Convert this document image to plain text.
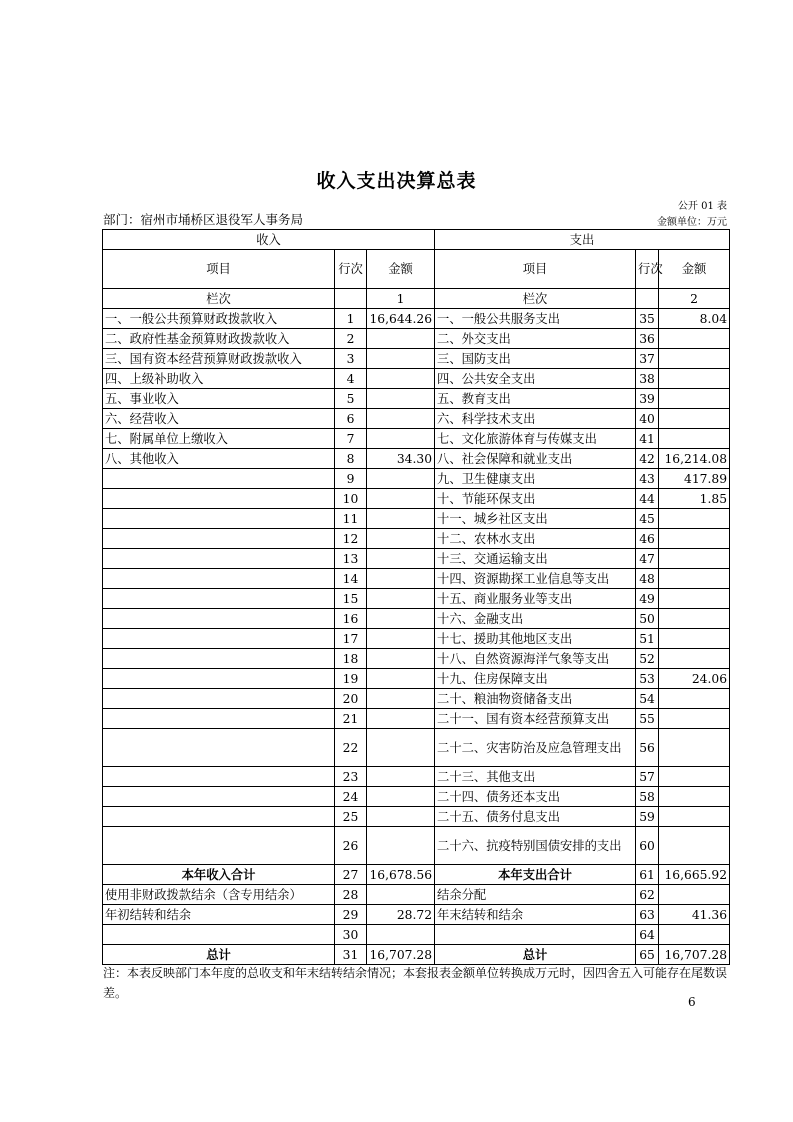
收入支出决算总表
公开 01 表
部门：宿州市埇桥区退役军人事务局	金额单位：万元
收入			支出		
项目	行次	金额	项目	行次	金额
栏次		1	栏次		2
一、一般公共预算财政拨款收入	1	16,644.26	一、一般公共服务支出	35	8.04
二、政府性基金预算财政拨款收入	2		二、外交支出	36	
三、国有资本经营预算财政拨款收入	3		三、国防支出	37	
四、上级补助收入	4		四、公共安全支出	38	
五、事业收入	5		五、教育支出	39	
六、经营收入	6		六、科学技术支出	40	
七、附属单位上缴收入	7		七、文化旅游体育与传媒支出	41	
八、其他收入	8	34.30	八、社会保障和就业支出	42	16,214.08
	9		九、卫生健康支出	43	417.89
	10		十、节能环保支出	44	1.85
	11		十一、城乡社区支出	45	
	12		十二、农林水支出	46	
	13		十三、交通运输支出	47	
	14		十四、资源勘探工业信息等支出	48	
	15		十五、商业服务业等支出	49	
	16		十六、金融支出	50	
	17		十七、援助其他地区支出	51	
	18		十八、自然资源海洋气象等支出	52	
	19		十九、住房保障支出	53	24.06
	20		二十、粮油物资储备支出	54	
	21		二十一、国有资本经营预算支出	55	
	22		二十二、灾害防治及应急管理支出	56	
	23		二十三、其他支出	57	
	24		二十四、债务还本支出	58	
	25		二十五、债务付息支出	59	
	26		二十六、抗疫特别国债安排的支出	60	
本年收入合计	27	16,678.56	本年支出合计	61	16,665.92
使用非财政拨款结余（含专用结余）	28		结余分配	62	
年初结转和结余	29	28.72	年末结转和结余	63	41.36
	30			64	
总计	31	16,707.28	总计	65	16,707.28
注：本表反映部门本年度的总收支和年末结转结余情况；本套报表金额单位转换成万元时，因四舍五入可能存在尾数误差。
6
